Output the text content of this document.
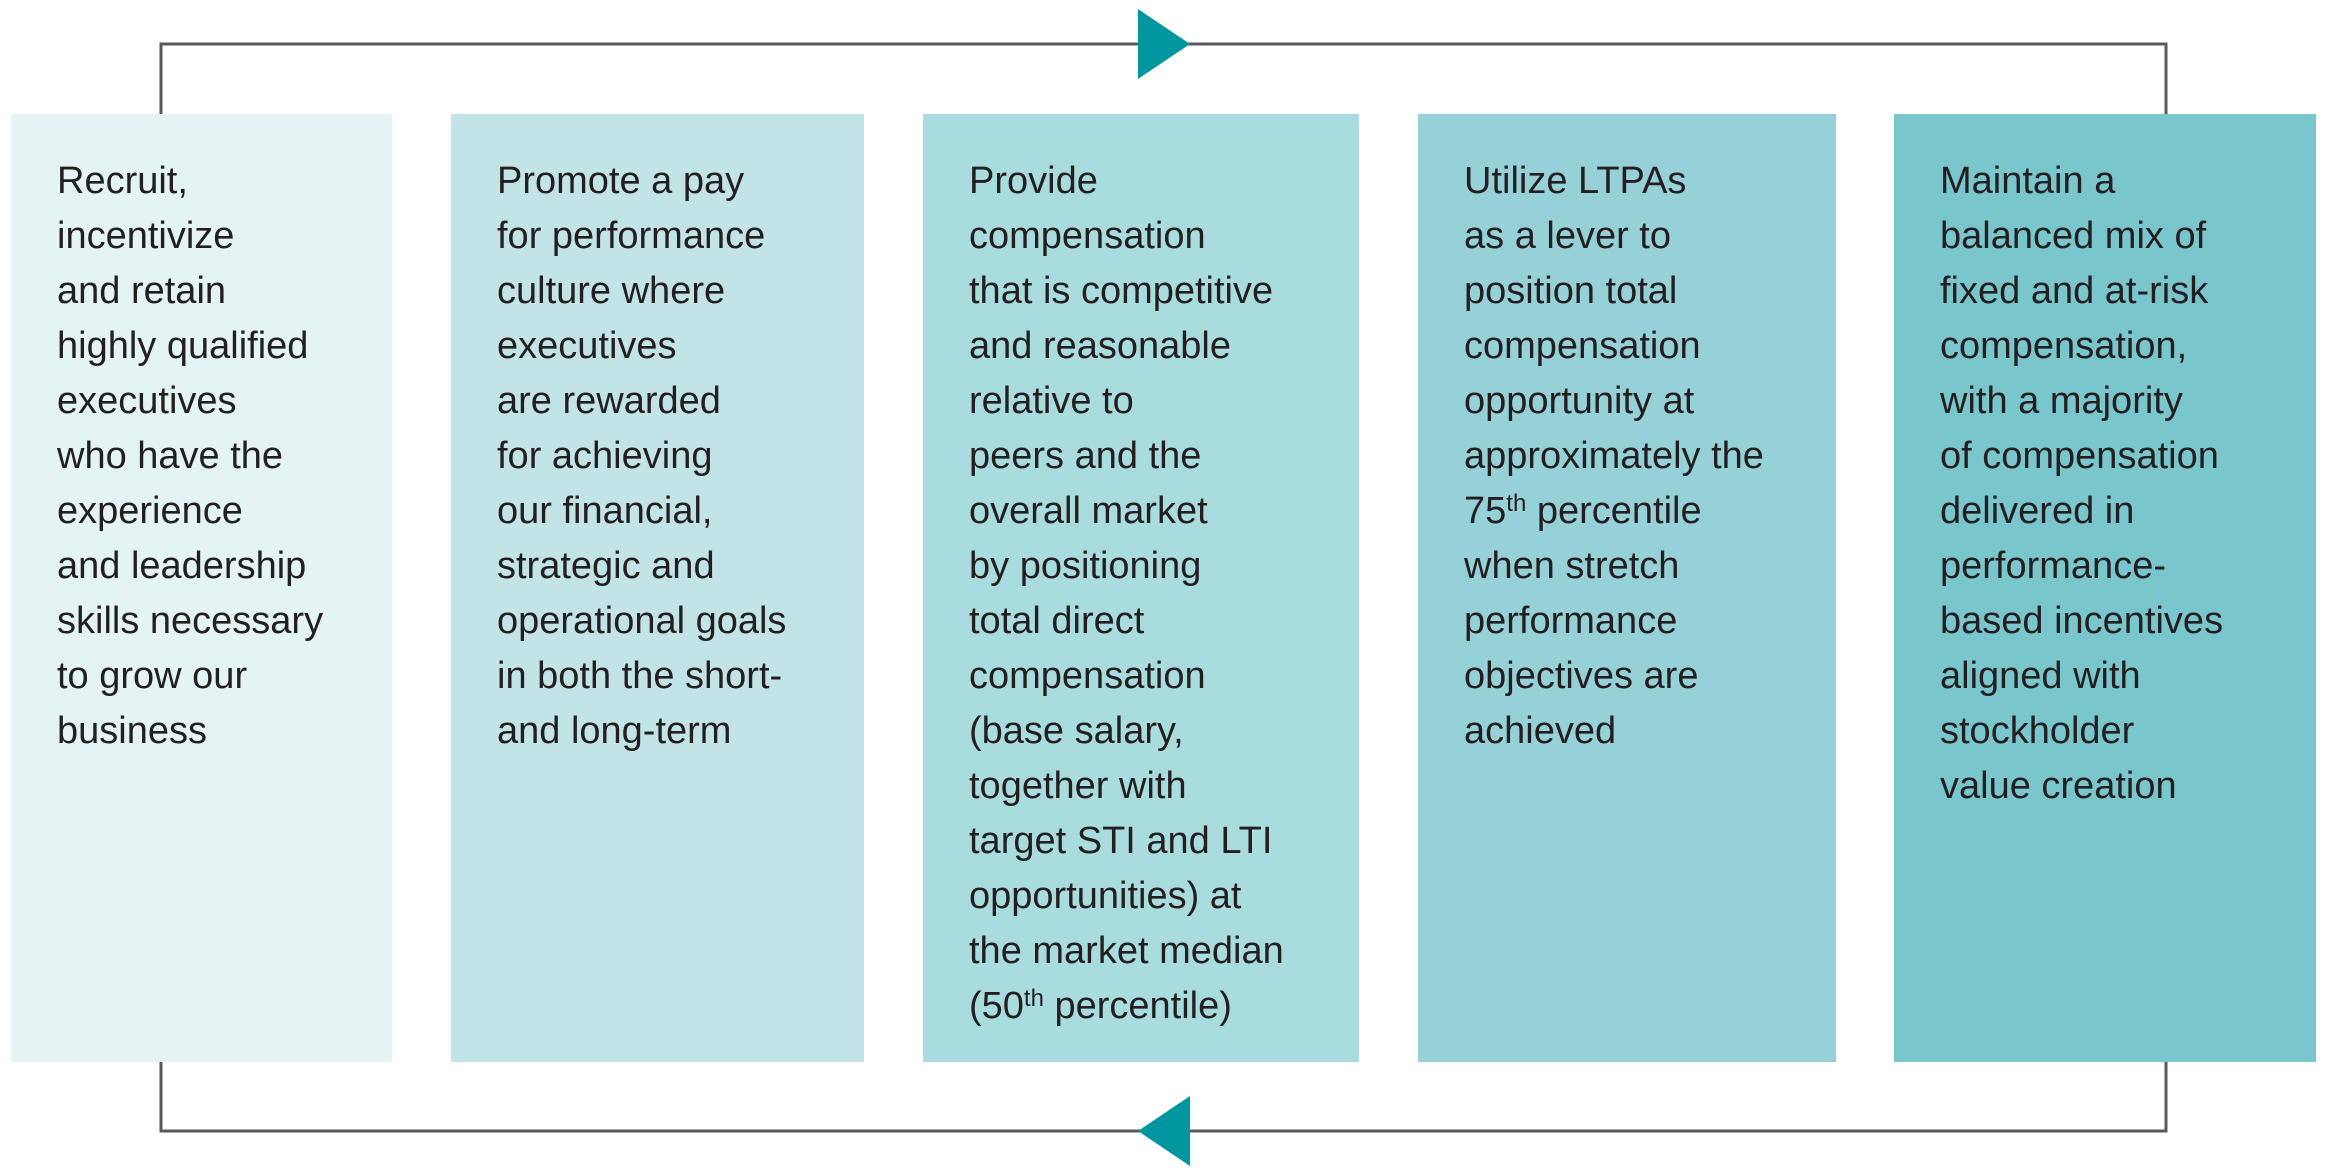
Recruit,
incentivize
and retain
highly qualified
executives
who have the
experience
and leadership
skills necessary
to grow our
business

Promote a pay
for performance
culture where
executives
are rewarded
for achieving
our financial,
strategic and
operational goals
in both the short-
and long-term

Provide
compensation
that is competitive
and reasonable
relative to
peers and the
overall market
by positioning
total direct
compensation
(base salary,
together with
target STI and LTI
opportunities) at
the market median
(50th percentile)

Utilize LTPAs
as a lever to
position total
compensation
opportunity at
approximately the
75th percentile
when stretch
performance
objectives are
achieved

Maintain a
balanced mix of
fixed and at-risk
compensation,
with a majority
of compensation
delivered in
performance-
based incentives
aligned with
stockholder
value creation
